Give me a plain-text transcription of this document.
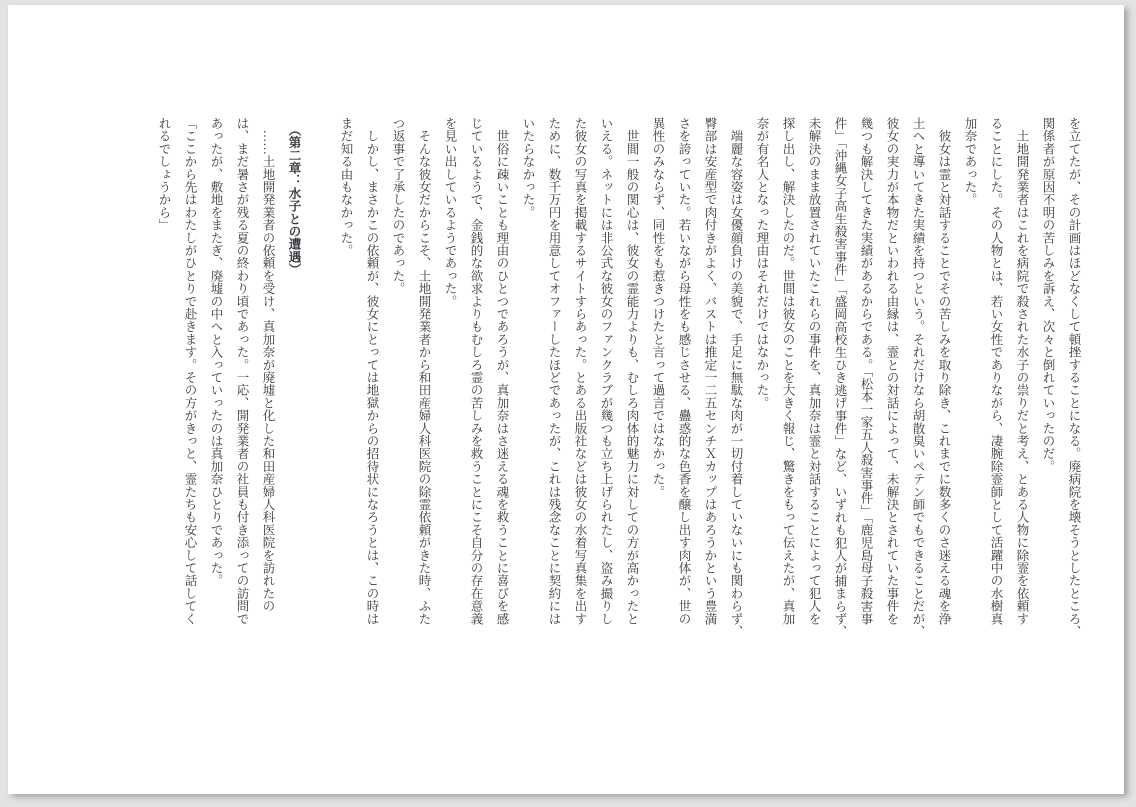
を立てたが、その計画はほどなくして頓挫することになる。廃病院を壊そうとしたところ、
関係者が原因不明の苦しみを訴え、次々と倒れていったのだ。
　土地開発業者はこれを病院で殺された水子の祟りだと考え、とある人物に除霊を依頼す
ることにした。その人物とは、若い女性でありながら、凄腕除霊師として活躍中の水樹真
加奈であった。
　彼女は霊と対話することでその苦しみを取り除き、これまでに数多くのさ迷える魂を浄
土へと導いてきた実績を持つという。それだけなら胡散臭いペテン師でもできることだが、
彼女の実力が本物だといわれる由縁は、霊との対話によって、未解決とされていた事件を
幾つも解決してきた実績があるからである。「松本一家五人殺害事件」「鹿児島母子殺害事
件」「沖縄女子高生殺害事件」「盛岡高校生ひき逃げ事件」など、いずれも犯人が捕まらず、
未解決のまま放置されていたこれらの事件を、真加奈は霊と対話することによって犯人を
探し出し、解決したのだ。世間は彼女のことを大きく報じ、驚きをもって伝えたが、真加
奈が有名人となった理由はそれだけではなかった。
　端麗な容姿は女優顔負けの美貌で、手足に無駄な肉が一切付着していないにも関わらず、
臀部は安産型で肉付きがよく、バストは推定一二五センチＸカップはあろうかという豊満
さを誇っていた。若いながら母性をも感じさせる、蠱惑的な色香を醸し出す肉体が、世の
異性のみならず、同性をも惹きつけたと言って過言ではなかった。
　世間一般の関心は、彼女の霊能力よりも、むしろ肉体的魅力に対しての方が高かったと
いえる。ネットには非公式な彼女のファンクラブが幾つも立ち上げられたし、盗み撮りし
た彼女の写真を掲載するサイトすらあった。とある出版社などは彼女の水着写真集を出す
ために、数千万円を用意してオファーしたほどであったが、これは残念なことに契約には
いたらなかった。
　世俗に疎いことも理由のひとつであろうが、真加奈はさ迷える魂を救うことに喜びを感
じているようで、金銭的な欲求よりもむしろ霊の苦しみを救うことにこそ自分の存在意義
を見い出しているようであった。
　そんな彼女だからこそ、土地開発業者から和田産婦人科医院の除霊依頼がきた時、ふた
つ返事で了承したのであった。
　しかし、まさかこの依頼が、彼女にとっては地獄からの招待状になろうとは、この時は
まだ知る由もなかった。
　（第二章：水子との遭遇）
　……土地開発業者の依頼を受け、真加奈が廃墟と化した和田産婦人科医院を訪れたの
は、まだ暑さが残る夏の終わり頃であった。一応、開発業者の社員も付き添っての訪問で
あったが、敷地をまたぎ、廃墟の中へと入っていったのは真加奈ひとりであった。
「ここから先はわたしがひとりで赴きます。その方がきっと、霊たちも安心して話してく
れるでしょうから」
